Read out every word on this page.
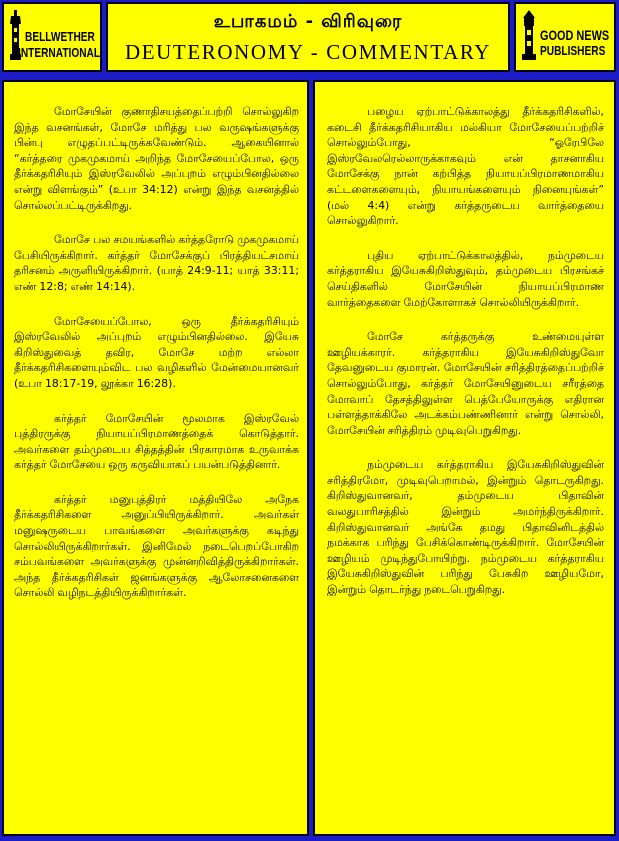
BELLWETHER
INTERNATIONAL
உபாகமம் - விரிவுரை
DEUTERONOMY - COMMENTARY
GOOD NEWS
PUBLISHERS

மோசேயின் குணாதிசயத்தைப்பற்றி சொல்லுகிற இந்த வசனங்கள், மோசே மரித்து பல வருஷங்களுக்கு பின்பு எழுதப்பட்டிருக்கவேண்டும். ஆகையினால் “கர்த்தரை முகமுகமாய் அறிந்த மோசேயைப்போல, ஒரு தீர்க்கதரிசியும் இஸ்ரவேலில் அப்புறம் எழும்பினதில்லை என்று விளங்கும்” (உபா 34:12) என்று இந்த வசனத்தில் சொல்லப்பட்டிருக்கிறது.

மோசே பல சமயங்களில் கர்த்தரோடு முகமுகமாய் பேசியிருக்கிறார். கர்த்தர் மோசேக்குப் பிரத்தியட்சமாய் தரிசனம் அருளியிருக்கிறார். (யாத் 24:9-11; யாத் 33:11; எண் 12:8; எண் 14:14).

மோசேயைப்போல, ஒரு தீர்க்கதரிசியும் இஸ்ரவேலில் அப்புறம் எழும்பினதில்லை. இயேசு கிறிஸ்துவைத் தவிர, மோசே மற்ற எல்லா தீர்க்கதரிசிகளையும்விட பல வழிகளில் மேன்மையானவர் (உபா 18:17-19, லூக்கா 16:28).

கர்த்தர் மோசேயின் மூலமாக இஸ்ரவேல் புத்திரருக்கு நியாயப்பிரமாணத்தைக் கொடுத்தார். அவர்களை தம்முடைய சித்தத்தின் பிரகாரமாக உருவாக்க கர்த்தர் மோசேயை ஒரு கருவியாகப் பயன்படுத்தினார்.

கர்த்தர் மனுபுத்திரர் மத்தியிலே அநேக தீர்க்கதரிசிகளை அனுப்பியிருக்கிறார். அவர்கள் மனுஷருடைய பாவங்களை அவர்களுக்கு கடிந்து சொல்லியிருக்கிறார்கள். இனிமேல் நடைபெறப்போகிற சம்பவங்களை அவர்களுக்கு முன்னறிவித்திருக்கிறார்கள். அந்த தீர்க்கதரிசிகள் ஜனங்களுக்கு ஆலோசனைகளை சொல்லி வழிநடத்தியிருக்கிறார்கள்.

பழைய ஏற்பாட்டுக்காலத்து தீர்க்கதரிசிகளில், கடைசி தீர்க்கதரிசியாகிய மல்கியா மோசேயைப்பற்றிச் சொல்லும்போது, “ஓரேபிலே இஸ்ரவேலரெல்லாருக்காகவும் என் தாசனாகிய மோசேக்கு நான் கற்பித்த நியாயப்பிரமாணமாகிய கட்டளைகளையும், நியாயங்களையும் நினையுங்கள்” (மல் 4:4) என்று கர்த்தருடைய வார்த்தையை சொல்லுகிறார்.

புதிய ஏற்பாட்டுக்காலத்தில், நம்முடைய கர்த்தராகிய இயேசுகிறிஸ்துவும், தம்முடைய பிரசங்கச் செய்திகளில் மோசேயின் நியாயப்பிரமாண வார்த்தைகளை மேற்கோளாகச் சொல்லியிருக்கிறார்.

மோசே கர்த்தருக்கு உண்மையுள்ள ஊழியக்காரர். கர்த்தராகிய இயேசுகிறிஸ்துவோ தேவனுடைய குமாரன். மோசேயின் சரித்திரத்தைப்பற்றிச் சொல்லும்போது, கர்த்தர் மோசேயினுடைய சரீரத்தை மோவாப் தேசத்திலுள்ள பெத்பேயோருக்கு எதிரான பள்ளத்தாக்கிலே அடக்கம்பண்ணினார் என்று சொல்லி, மோசேயின் சரித்திரம் முடிவுபெறுகிறது.

நம்முடைய கர்த்தராகிய இயேசுகிறிஸ்துவின் சரித்திரமோ, முடிவுபெறாமல், இன்றும் தொடருகிறது. கிறிஸ்துவானவர், தம்முடைய பிதாவின் வலதுபாரிசத்தில் இன்றும் அமர்ந்திருக்கிறார். கிறிஸ்துவானவர் அங்கே தமது பிதாவினிடத்தில் நமக்காக பரிந்து பேசிக்கொண்டிருக்கிறார். மோசேயின் ஊழியம் முடிந்துபோயிற்று. நம்முடைய கர்த்தராகிய இயேசுகிறிஸ்துவின் பரிந்து பேசுகிற ஊழியமோ, இன்றும் தொடர்ந்து நடைபெறுகிறது.
